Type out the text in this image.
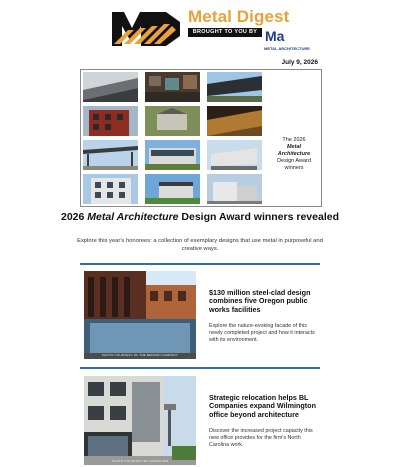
Metal Digest
BROUGHT TO YOU BY Ma
METAL ARCHITECTURE
July 9, 2026
The 2026
Metal Architecture
Design Award winners
2026 Metal Architecture Design Award winners revealed
Explore this year's honorees: a collection of exemplary designs that use metal in purposeful and creative ways.
PHOTO COURTESY OF THE BENSON COMPANY
$130 million steel-clad design combines five Oregon public works facilities
Explore the nature-evoking facade of this newly completed project and how it interacts with its environment.
PHOTO COURTESY BL COMPANIES
Strategic relocation helps BL Companies expand Wilmington office beyond architecture
Discover the increased project capacity this new office provides for the firm's North Carolina work.
